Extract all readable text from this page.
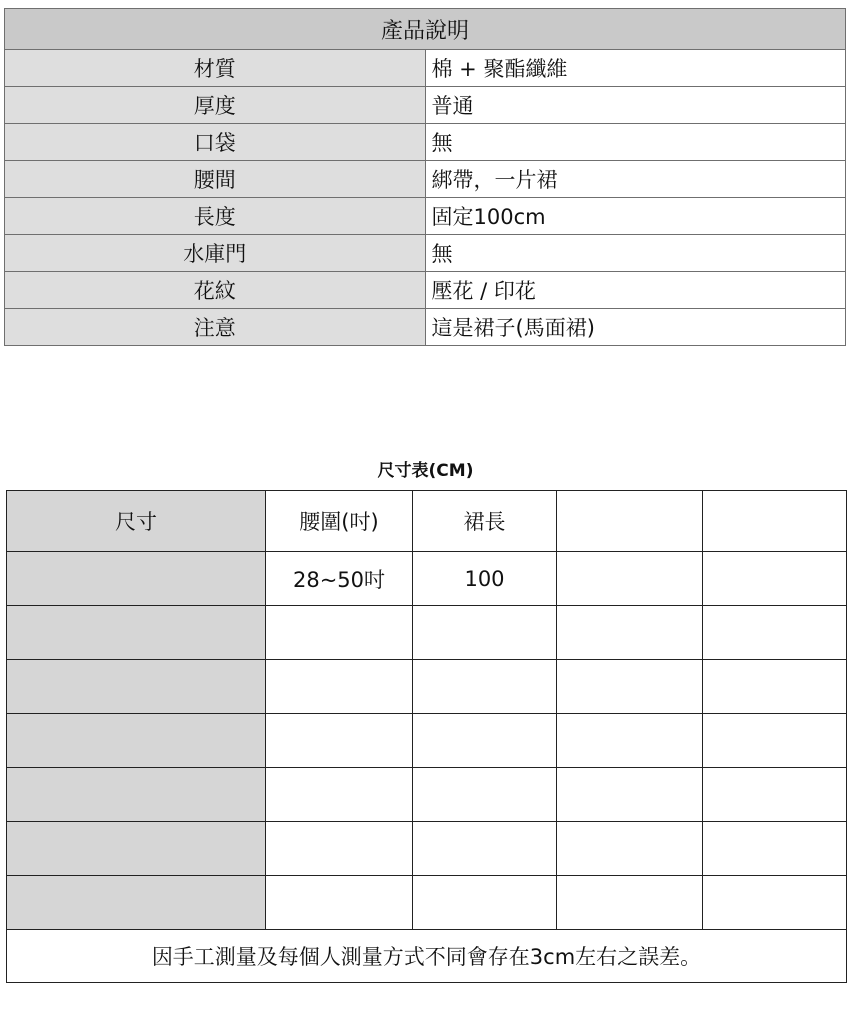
產品說明	
材質	棉 + 聚酯纖維
厚度	普通
口袋	無
腰間	綁帶，一片裙
長度	固定100cm
水庫門	無
花紋	壓花 / 印花
注意	這是裙子(馬面裙)
尺寸表(CM)
尺寸	腰圍(吋)	裙長		
	28~50吋	100		

因手工測量及每個人測量方式不同會存在3cm左右之誤差。				
